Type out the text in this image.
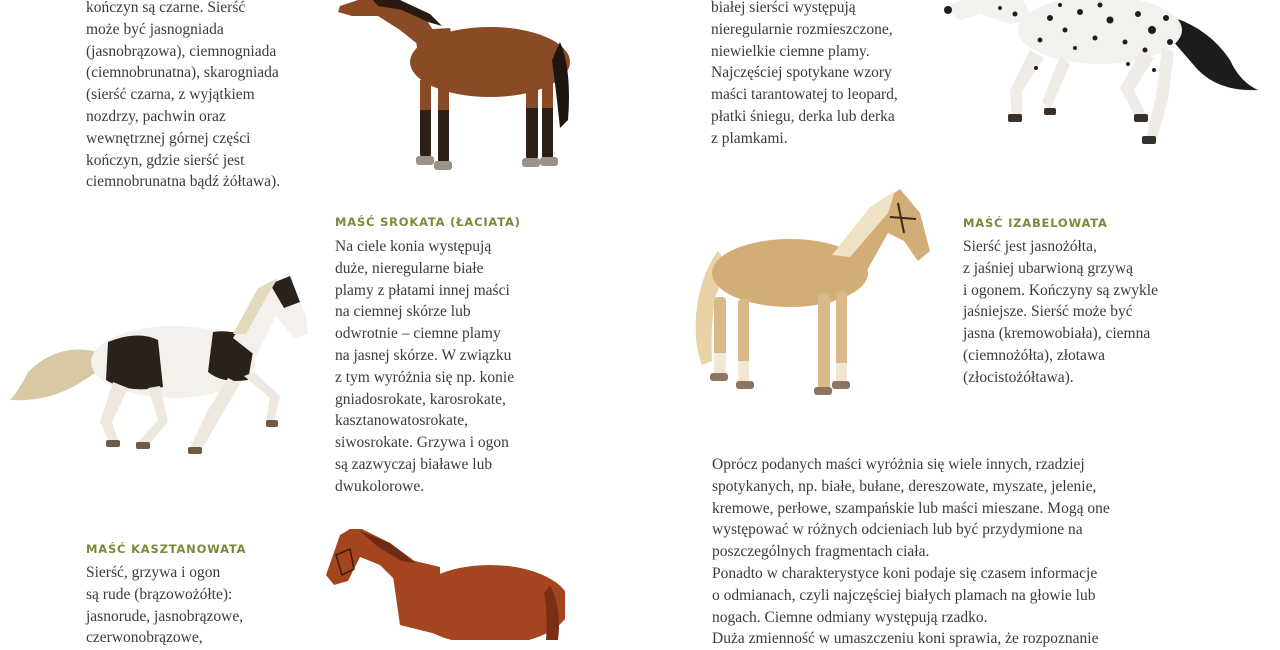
kończyn są czarne. Sierść
może być jasnogniada
(jasnobrązowa), ciemnogniada
(ciemnobrunatna), skarogniada
(sierść czarna, z wyjątkiem
nozdrzy, pachwin oraz
wewnętrznej górnej części
kończyn, gdzie sierść jest
ciemnobrunatna bądź żółtawa).
MAŚĆ SROKATA (ŁACIATA)
Na ciele konia występują
duże, nieregularne białe
plamy z płatami innej maści
na ciemnej skórze lub
odwrotnie – ciemne plamy
na jasnej skórze. W związku
z tym wyróżnia się np. konie
gniadosrokate, karosrokate,
kasztanowatosrokate,
siwosrokate. Grzywa i ogon
są zazwyczaj białawe lub
dwukolorowe.
MAŚĆ KASZTANOWATA
Sierść, grzywa i ogon
są rude (brązowożółte):
jasnorude, jasnobrązowe,
czerwonobrązowe,
białej sierści występują
nieregularnie rozmieszczone,
niewielkie ciemne plamy.
Najczęściej spotykane wzory
maści tarantowatej to leopard,
płatki śniegu, derka lub derka
z plamkami.
MAŚĆ IZABELOWATA
Sierść jest jasnożółta,
z jaśniej ubarwioną grzywą
i ogonem. Kończyny są zwykle
jaśniejsze. Sierść może być
jasna (kremowobiała), ciemna
(ciemnożółta), złotawa
(złocistożółtawa).
Oprócz podanych maści wyróżnia się wiele innych, rzadziej
spotykanych, np. białe, bułane, dereszowate, myszate, jelenie,
kremowe, perłowe, szampańskie lub maści mieszane. Mogą one
występować w różnych odcieniach lub być przydymione na
poszczególnych fragmentach ciała.
Ponadto w charakterystyce koni podaje się czasem informacje
o odmianach, czyli najczęściej białych plamach na głowie lub
nogach. Ciemne odmiany występują rzadko.
Duża zmienność w umaszczeniu koni sprawia, że rozpoznanie
